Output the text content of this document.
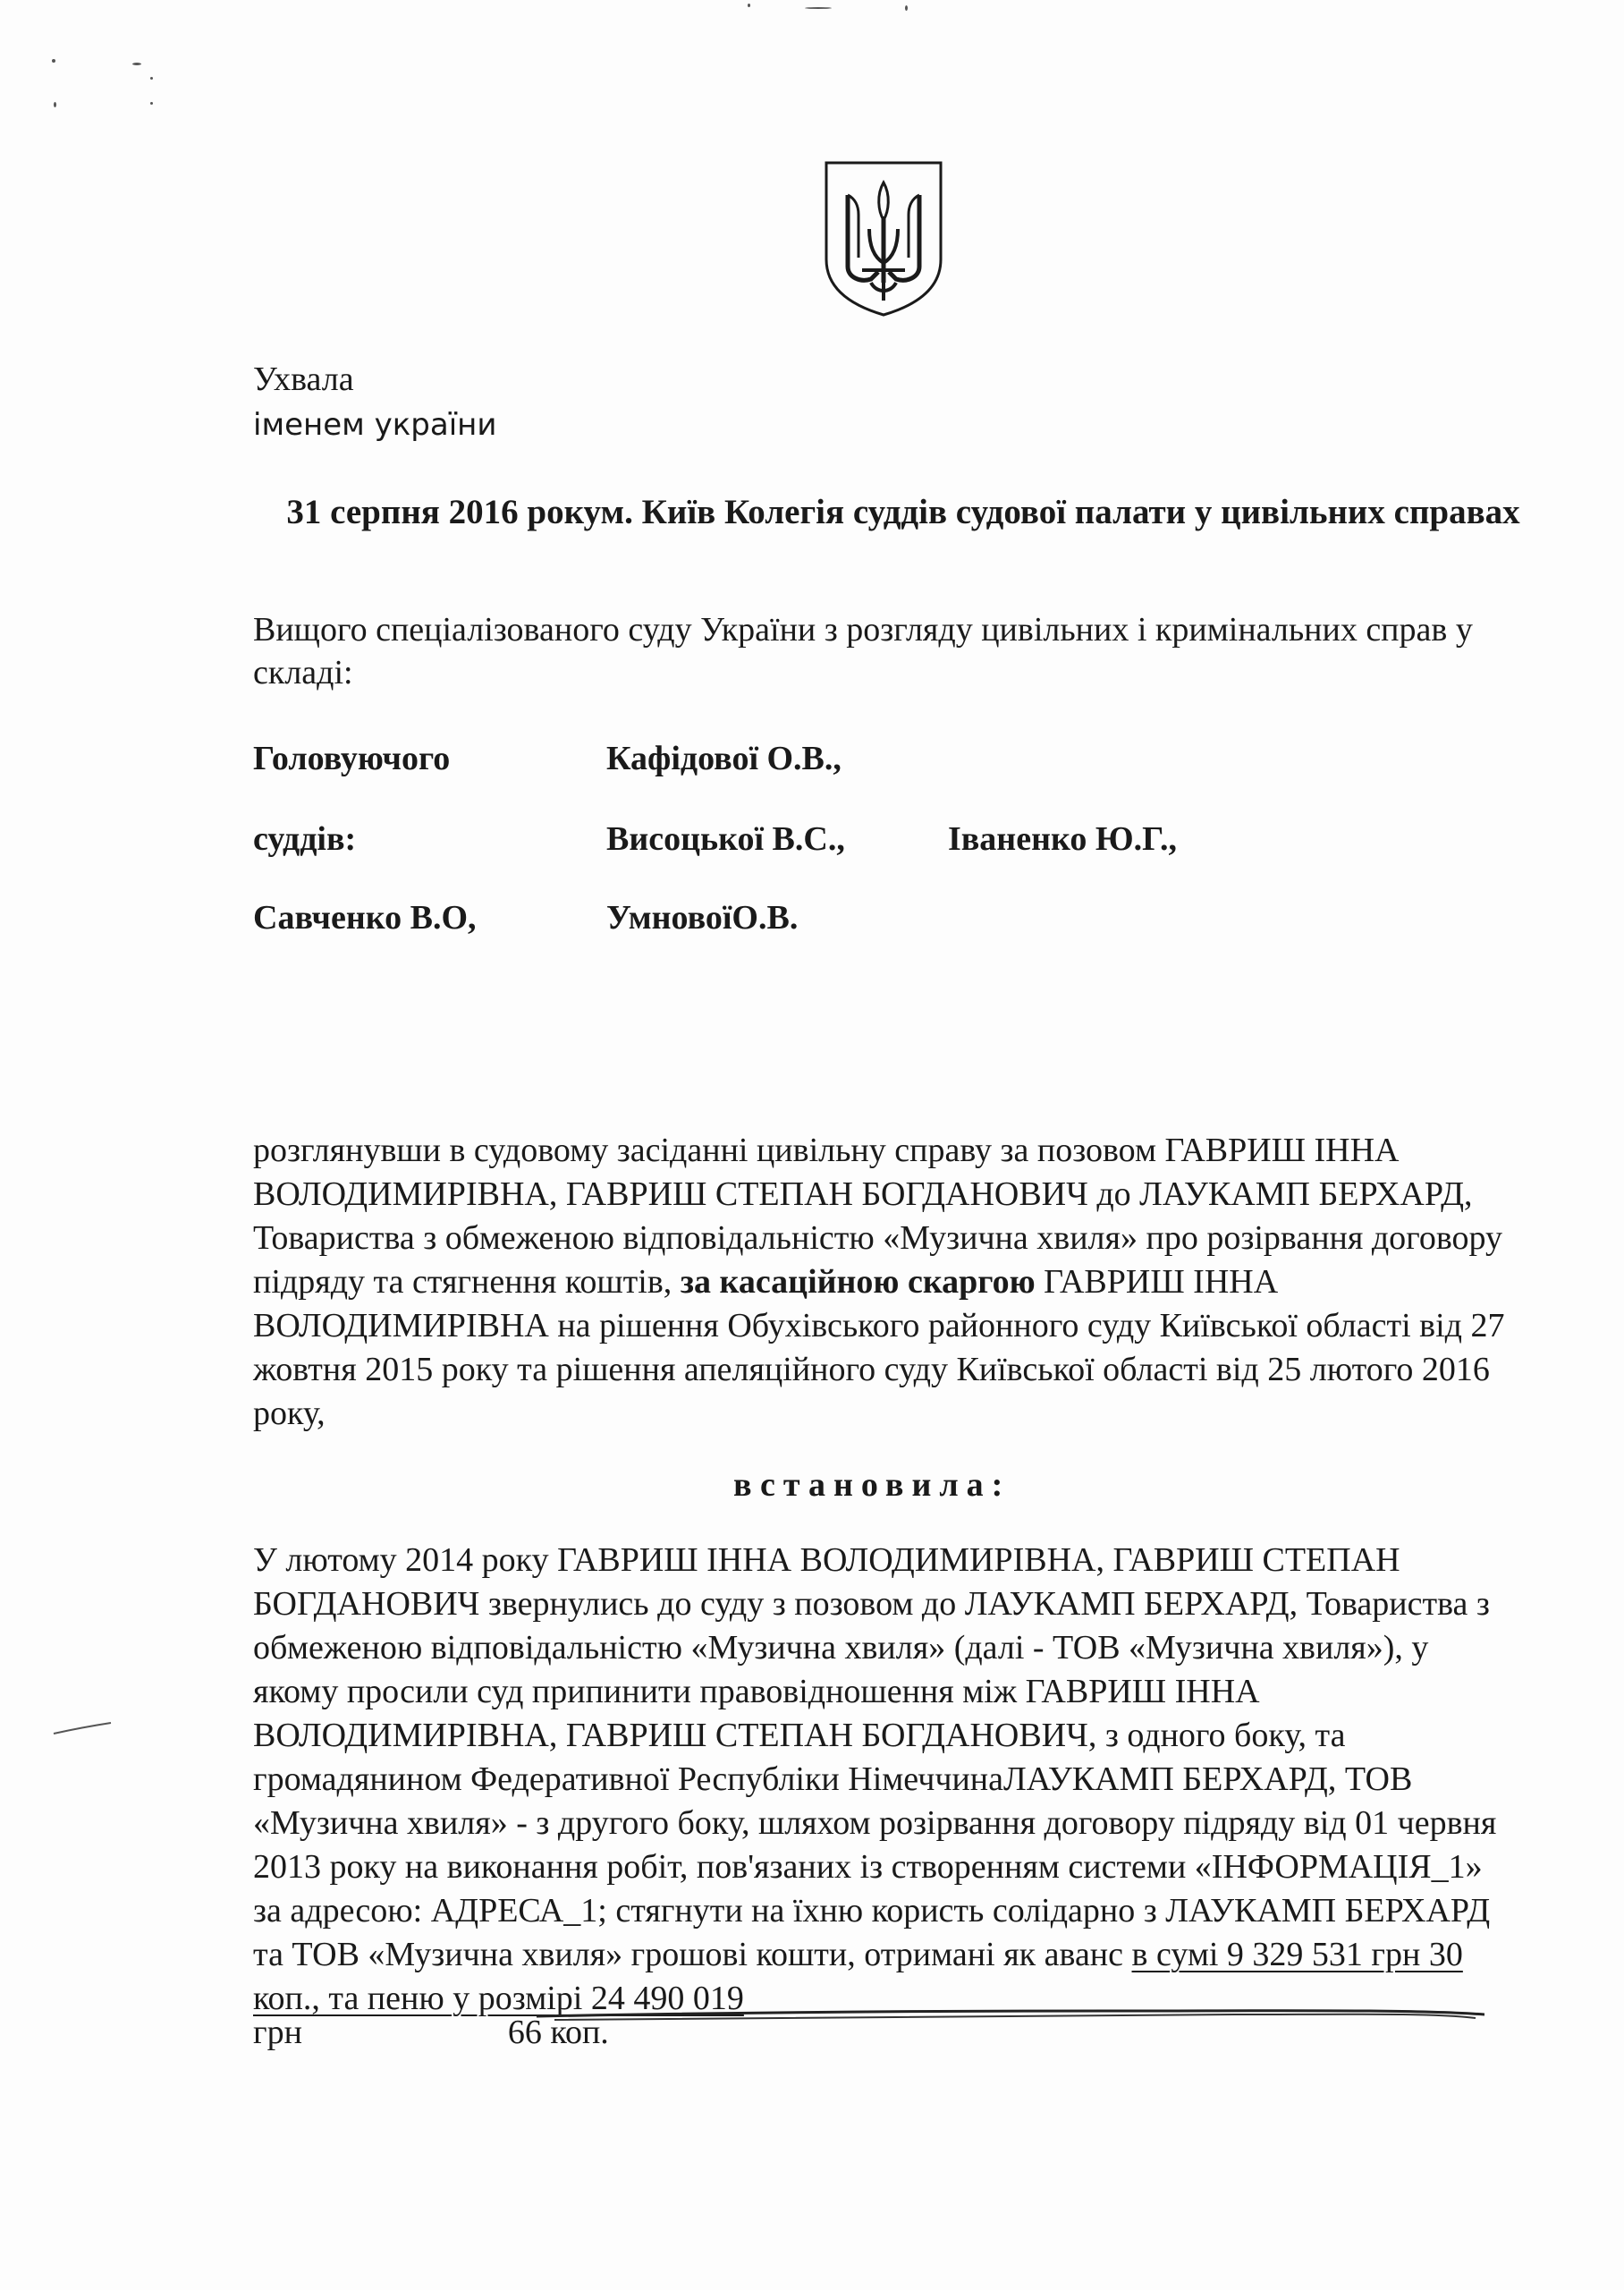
Ухвала
іменем україни
31 серпня 2016 рокум. Київ Колегія суддів судової палати у цивільних справах
Вищого спеціалізованого суду України з розгляду цивільних і кримінальних справ у складі:
Головуючого	Кафідової О.В.,
суддів:	Висоцької В.С.,	Іваненко Ю.Г.,
Савченко В.О,	УмновоїО.В.
розглянувши в судовому засіданні цивільну справу за позовом ГАВРИШ ІННА ВОЛОДИМИРІВНА, ГАВРИШ СТЕПАН БОГДАНОВИЧ до ЛАУКАМП БЕРХАРД, Товариства з обмеженою відповідальністю «Музична хвиля» про розірвання договору підряду та стягнення коштів, за касаційною скаргою ГАВРИШ ІННА ВОЛОДИМИРІВНА на рішення Обухівського районного суду Київської області від 27 жовтня 2015 року та рішення апеляційного суду Київської області від 25 лютого 2016 року,
встановила:
У лютому 2014 року ГАВРИШ ІННА ВОЛОДИМИРІВНА, ГАВРИШ СТЕПАН БОГДАНОВИЧ звернулись до суду з позовом до ЛАУКАМП БЕРХАРД, Товариства з обмеженою відповідальністю «Музична хвиля» (далі - ТОВ «Музична хвиля»), у якому просили суд припинити правовідношення між ГАВРИШ ІННА ВОЛОДИМИРІВНА, ГАВРИШ СТЕПАН БОГДАНОВИЧ, з одного боку, та громадянином Федеративної Республіки НімеччинаЛАУКАМП БЕРХАРД, ТОВ «Музична хвиля» - з другого боку, шляхом розірвання договору підряду від 01 червня 2013 року на виконання робіт, пов'язаних із створенням системи «ІНФОРМАЦІЯ_1» за адресою: АДРЕСА_1; стягнути на їхню користь солідарно з ЛАУКАМП БЕРХАРД та ТОВ «Музична хвиля» грошові кошти, отримані як аванс в сумі 9 329 531 грн 30 коп., та пеню у розмірі 24 490 019
грн	66 коп.
